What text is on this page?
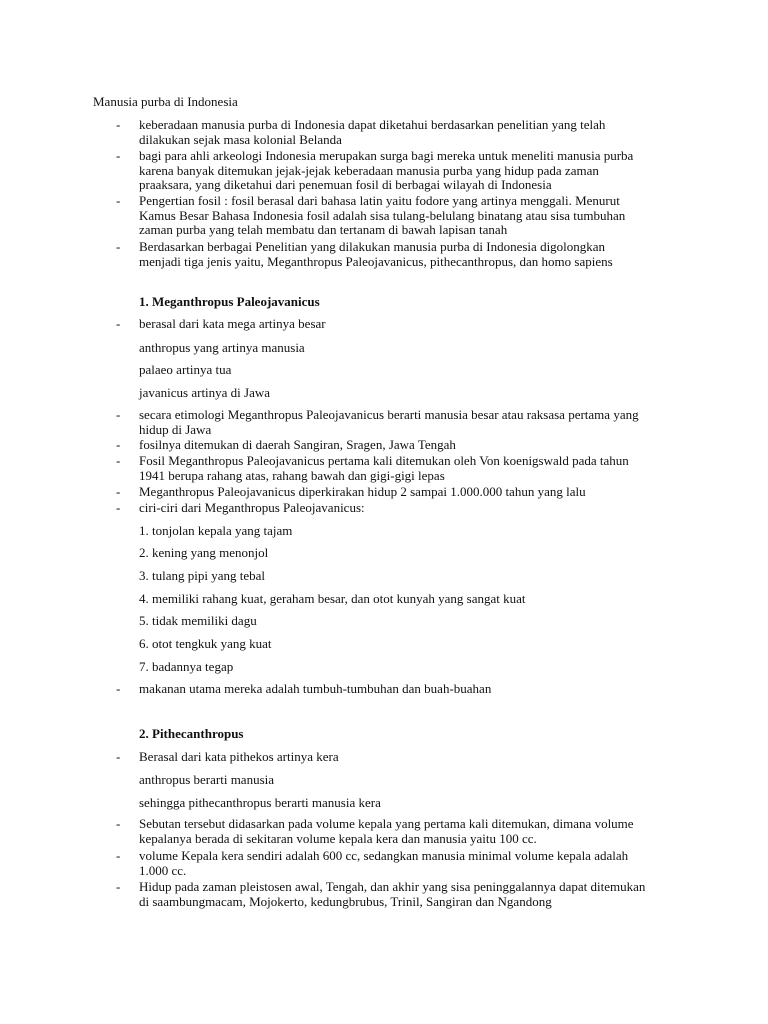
Manusia purba di Indonesia
-	keberadaan manusia purba di Indonesia dapat diketahui berdasarkan penelitian yang telah dilakukan sejak masa kolonial Belanda
-	bagi para ahli arkeologi Indonesia merupakan surga bagi mereka untuk meneliti manusia purba karena banyak ditemukan jejak-jejak keberadaan manusia purba yang hidup pada zaman praaksara, yang diketahui dari penemuan fosil di berbagai wilayah di Indonesia
-	Pengertian fosil : fosil berasal dari bahasa latin yaitu fodore yang artinya menggali. Menurut Kamus Besar Bahasa Indonesia fosil adalah sisa tulang-belulang binatang atau sisa tumbuhan zaman purba yang telah membatu dan tertanam di bawah lapisan tanah
-	Berdasarkan berbagai Penelitian yang dilakukan manusia purba di Indonesia digolongkan menjadi tiga jenis yaitu, Meganthropus Paleojavanicus, pithecanthropus, dan homo sapiens
1. Meganthropus Paleojavanicus
-	berasal dari kata mega artinya besar
anthropus yang artinya manusia
palaeo artinya tua
javanicus artinya di Jawa
-	secara etimologi Meganthropus Paleojavanicus berarti manusia besar atau raksasa pertama yang hidup di Jawa
-	fosilnya ditemukan di daerah Sangiran, Sragen, Jawa Tengah
-	Fosil Meganthropus Paleojavanicus pertama kali ditemukan oleh Von koenigswald pada tahun 1941 berupa rahang atas, rahang bawah dan gigi-gigi lepas
-	Meganthropus Paleojavanicus diperkirakan hidup 2 sampai 1.000.000 tahun yang lalu
-	ciri-ciri dari Meganthropus Paleojavanicus:
1. tonjolan kepala yang tajam
2. kening yang menonjol
3. tulang pipi yang tebal
4. memiliki rahang kuat, geraham besar, dan otot kunyah yang sangat kuat
5. tidak memiliki dagu
6. otot tengkuk yang kuat
7. badannya tegap
-	makanan utama mereka adalah tumbuh-tumbuhan dan buah-buahan
2. Pithecanthropus
-	Berasal dari kata pithekos artinya kera
anthropus berarti manusia
sehingga pithecanthropus berarti manusia kera
-	Sebutan tersebut didasarkan pada volume kepala yang pertama kali ditemukan, dimana volume kepalanya berada di sekitaran volume kepala kera dan manusia yaitu 100 cc.
-	volume Kepala kera sendiri adalah 600 cc, sedangkan manusia minimal volume kepala adalah 1.000 cc.
-	Hidup pada zaman pleistosen awal, Tengah, dan akhir yang sisa peninggalannya dapat ditemukan di saambungmacam, Mojokerto, kedungbrubus, Trinil, Sangiran dan Ngandong
